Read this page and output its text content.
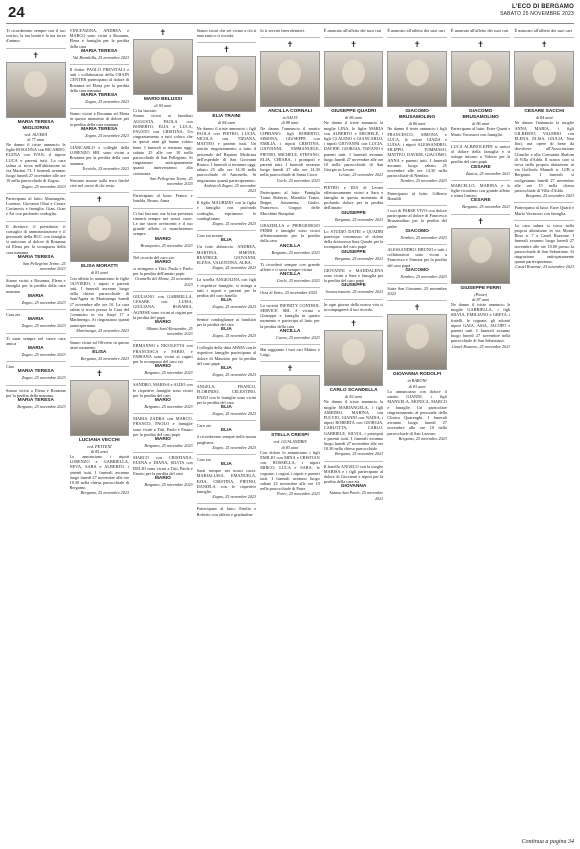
24	L'ECO DI BERGAMO
SABATO 25 NOVEMBRE 2023
Ti ricorderemo sempre con il tuo sorriso, la tua bontà e la tua forza d'animo.
✝
MARIA TERESA MIGLIORINI
ved. ALVERÀ
di 77 anni
Ne danno il triste annuncio le figlie ROSANNA con RICARDO, ELENA con IVAN, il nipote LUCA e parenti tutti. La cara salma si trova nell'abitazione in via Martini 73. I funerali avranno luogo lunedì 27 novembre alle ore 10 nella parrocchiale di Zogno.
Zogno, 25 novembre 2023
Partecipano al lutto: Mariangela, Lorenzo, Giovanni Olmi e Cesare Cortinovis e famiglia. Gian, Gian e Ari con profondo cordoglio.
Il direttore, il presidente, il consiglio di amministrazione e il personale della BCC con famiglia si uniscono al dolore di Rosanna ed Elena per la scomparsa della cara mamma
MARIA TERESA
San Pellegrino Terme, 25 novembre 2023
Siamo vicini a Rosanna, Elena e famiglia per la perdita della cara mamma
MARIA
Zogno, 25 novembre 2023
Cara zia
MARIA
Zogno, 25 novembre 2023
Ti sarai sempre nel cuore cara amica
MARIA
Zogno, 25 novembre 2023
Ciao
MARIA TERESA
Zogno, 25 novembre 2023
Siamo vicini a Elena e Rosanna per la perdita della mamma
MARIA TERESA
Bergamo, 25 novembre 2023
VINCENZINA, ANDREA e MARCO sono vicini a Rosanna, Elena e famiglia per la perdita della cara
MARIA TERESA
Val Brembilla, 25 novembre 2023
Il dottor PAOLO PREVITALI e tutti i collaboratori della CHAIN CENTER partecipano al dolore di Rosanna ed Elena per la perdita della cara mamma
MARIA TERESA
Zogno, 25 novembre 2023
Siamo vicini a Rosanna ed Elena in questo momento di dolore per la perdita della cara mamma
MARIA TERESA
Zogno, 25 novembre 2023
GIANCARLO e colleghi della LORENZO SRL sono vicini a Rosanna per la perdita della cara mamma
Treviolo, 25 novembre 2023
Nessuno muore sulla terra finché vive nel cuore di chi resta.
✝
ELISA MORATTI
di 81 anni
Con affetto lo annunciano le figlie OLIVIERO, i nipoti e parenti tutti. I funerali avranno luogo nella chiesa parrocchiale di Sant'Agata in Martinengo lunedì 27 novembre alle ore 10. La cara salma si trova presso la Casa del Commiato in via Sarpi 17 a Martinengo. Si ringraziano quanti parteciperanno.
Martinengo, 25 novembre 2023
Siamo vicini ad Oliviero in questo triste momento
ELISA
Bergamo, 25 novembre 2023
✝
LUCIANA VECCHI
ved. PETTENI
di 85 anni
Lo annunciano i nipoti LORENZO e GABRIELLA, NEVA, SARA e ALBERTO, i parenti tutti. I funerali avranno luogo lunedì 27 novembre alle ore 10.30 nella chiesa parrocchiale di Bergamo.
Bergamo, 25 novembre 2023
✝
MARIO BELUSSI
di 94 anni
Ci ha lasciato
Siamo vicini ai familiari AUGUSTA, PAOLA con ROBERTO, ELIA e LUCA, FAUSTO con CRISTINA. Un ringraziamento a tutti coloro che in questi anni gli hanno voluto bene. I funerali si terranno oggi, sabato 25 alle ore 10 nella parrocchiale di San Pellegrino. Si ringraziano anticipatamente quanti interverranno alla cerimonia.
San Pellegrino Terme, 25 novembre 2023
Partecipano al lutto: Franco e Imelda, Bruno, Anna
Ci hai lasciato, ma la tua presenza rimarrà sempre nei nostri cuori. Le tue storie avvincenti e il tuo grande affetto ci mancheranno sempre.
MARIO
Brusaporto, 25 novembre 2023
Nel ricordo del caro zio
MARIO
si stringono a Titti, Paola e Paolo per la perdita dell'amato papà.
Grumello del Monte, 25 novembre 2023
GIULIANO con GABRIELLA, CESARE con LUISA, GIULIANA, ROSARIA, AGNESE sono vicini ai cugini per la perdita del papà
MARIO
Albano Sant'Alessandro, 25 novembre 2023
ERMANNO e NICOLETTA con FRANCESCA e FABIO, e FABIANA sono vicini ai cugini per la scomparsa del caro zio
MARIO
Bergamo, 25 novembre 2023
SANDRO, MARISA e ALDO con le rispettive famiglie sono vicini per la perdita del caro
MARIO
Bergamo, 25 novembre 2023
MARIA ZADRA con MARCO, FRANCO, PAOLO e famiglie sono vicini a Titti, Paolo e Fausto per la perdita del caro papà
MARIO
Bergamo, 25 novembre 2023
MARCO con CRISTIANA, ELENA e DIANA, SILVIA con DELIO sono vicini a Titti, Paola e Fausto per la perdita del caro
MARIO
Bergamo, 25 novembre 2023
Siamo sicuri che sei vicino a chi ti ama tanto e ti ricorda.
✝
ELIA TRAINI
di 84 anni
Ne danno il triste annuncio i figli PAOLA con PIETRO, LUCIA, NICOLA con TIZIANA, MATTEO e parenti tutti. Un sentito ringraziamento a tutto il personale del Reparto Medicina dell'ospedale di San Giovanni Bianco. I funerali si terranno oggi, sabato 25 alle ore 14.30 nella parrocchiale di Antonello. Si ringraziano quanti parteciperanno.
Ambria di Zogno, 25 novembre 2023
Il figlio MAURIZIO con la figlia e famiglia con profondo cordoglio, esprimono le condoglianze.
Zogno, 25 novembre 2023
Ciao zio nonno
ELIA
Un forte abbraccio. ANDREA, MARTINA, SIMONE, BEATRICE, GIOVANNI, ELENA, VALENTINA, ALBA.
Zogno, 25 novembre 2023
La sorella ANGIOLINA con figli e rispettive famiglie, si stringe a tutti i nipoti e parenti per la perdita del caro fratello
ELIA
Zogno, 25 novembre 2023
Sentite condoglianze ai familiari per la perdita del caro
ELIA
Zogno, 25 novembre 2023
I colleghi della ditta ARMA con le rispettive famiglie partecipano al dolore di Maurizio per la perdita del caro papà
ELIA
Zogno, 25 novembre 2023
ANGELA, FRANCO, FLORINDO, CELESTINO, ENZO con le famiglie sono vicini per la perdita del caro
ELIA
Zogno, 25 novembre 2023
Caro zio
ELIA
ti ricorderemo sempre nella nostra preghiera.
Zogno, 25 novembre 2023
Ciao zio
ELIA
Sarai sempre nei nostri cuori. MARIALUISA, EMANUELA, EZIA, CRISTINA, PIETRO, DANIELA con le rispettive famiglie.
Zogno, 25 novembre 2023
Partecipano al lutto: Emilio e Roberto con affetto e gratitudine
Io ti servirò benvolentieri.
✝
ANCILLA CORNALI
in SALVI
di 88 anni
Ne danno l'annuncio il marito CIPRIANO, figli ROBERTO, SIMONA, GIUSEPPE con EMILIA, i nipoti CRISTINA, GIOVANNI, EMMANUELE, PIETRO, MICHELE, STEFANO, ELIA, CHIARA, i pronipoti e parenti tutti. I funerali avranno luogo lunedì 27 alle ore 14.30 nella parrocchiale di Santa Croce.
Gorle, 25 novembre 2023
Partecipano al lutto: Famiglia Traini Roberto, Maurilio Traini, Beppe, Antonietta, Giulio, Francesco, Gruppo delle Macchine Rotaplast
GRAZIELLA e PIERGIORGIO FERRI e famiglie sono vicini affettuosamente per la perdita della cara
ANCILLA
Bergamo, 25 novembre 2023
Ti ricorderò sempre con grande affetto e ti sarai sempre vicina
ANCILLA
Gorle, 25 novembre 2023
Orsa al Serio, 25 novembre 2023
La società INFINITY CONTROL SERVICE SRL è vicina a Giuseppe e famiglia in questo momento e partecipa al lutto per la perdita della cara
ANCILLA
Curno, 25 novembre 2023
Hai raggiunto i tuoi cari Matteo e Luigi.
✝
STELLA CRESPI
ved. GUALANDRIS
di 83 anni
Con dolore lo annunciano i figli EMILIO con MINA e CRISTIAN con ROSSELLA, i nipoti MIRCO, LUCA e SARA, le cognate, i cugini, i nipoti e parenti tutti. I funerali avranno luogo sabato 25 novembre alle ore 10 nella parrocchiale di Parre.
Parre, 25 novembre 2023
È mancato all'affetto dei suoi cari
✝
GIUSEPPE QUADRI
di 86 anni
Ne danno il triste annuncio la moglie LINA, le figlie MARIA con ALBERTO e MICHELE, i figli CLAUDIO e GIANCARLO, i nipoti GIOVANNI con LUCIA, DAVIDE, GIORGIA, TIZIANO e parenti tutti. I funerali avranno luogo lunedì 27 novembre alle ore 10 nella parrocchiale di San Giorgio in Levate.
Levate, 25 novembre 2023
PIETRO e IDA di Levate affettuosamente vicini a Sara e famiglia in questo momento di profondo dolore per la perdita dell'amato
GIUSEPPE
Bergamo, 25 novembre 2023
Lo STUDIO DATEI e QUADRI partecipa commosso al dolore della dottoressa Sara Quadri per la scomparsa del caro papà
GIUSEPPE
Bergamo, 25 novembre 2023
GIOVANNI e MADDALENA sono vicini a Sara e famiglia per la perdita del caro papà
GIUSEPPE
Seanocroutaro, 25 novembre 2023
In ogni giorno della nostra vita ci accompagnerà il tuo ricordo.
✝
CARLO SCANDELLA
di 82 anni
Ne danno il triste annuncio la moglie MARIANGELA, i figli AMEDEO, MARINA con FULVIO, GIANNI con NADIA, i nipoti ROBERTA con GIORGIA, CARLOTTA, CARLO, GABRIELE, SILVIA, i pronipoti e parenti tutti. I funerali avranno luogo lunedì 27 novembre alle ore 10.30 nella chiesa parrocchiale.
Bergamo, 25 novembre 2023
Il fratello ANGELO con la moglie MARISA e i figli partecipano al dolore di Giovanni e nipoti per la perdita della cara zia
GIOVANNA
Azzano San Paolo, 25 novembre 2023
È mancato all'affetto dei suoi cari
✝
GIACOMO BRUSAMOLINO
di 86 anni
Ne danno il triste annuncio i figli FRANCESCO, SIMONA e LUCA, le nuore GIADA e LUISA, i nipoti ALESSANDRO, FILIPPO, TOMMASO, MATTEO, DAVIDE, GIACOMO, ANNA e parenti tutti. I funerali avranno luogo sabato 25 novembre alle ore 14.30 nella parrocchiale di Nembro.
Nembro, 25 novembre 2023
Partecipano al lutto: Gilberto Bonaldi
I soci di PARSE VIVO con dolore partecipano al dolore di Francesco Brusamolino per la perdita del padre
GIACOMO
Nembro, 25 novembre 2023
ALESSANDRO, BRUNO e tutti i collaboratori sono vicini a Francesco e Simona per la perdita del caro papà
GIACOMO
Nembro, 25 novembre 2023
Sorte San Giovanni, 25 novembre 2023
✝
GIOVANNA RODOLFI
in BARONI
di 83 anni
Lo annunciano con dolore il marito GIANNI, i figli MANUELA, MONICA, MARCO e famiglie. Un particolare ringraziamento al personale della Clinica Quarenghi. I funerali avranno luogo lunedì 27 novembre alle ore 10 nella parrocchiale di San Lazzaro.
Bergamo, 25 novembre 2023
È mancato all'affetto dei suoi cari
✝
GIACOMO BRUSAMOLINO
di 86 anni
Partecipano al lutto: Ester Quarti e Mario Vavassori con famiglia.
LUCA ALBINOLEFFE si unisce al dolore della famiglia e si stringe intorno a Valerio per la perdita del caro papà
CESARE
Zanica, 25 novembre 2023
MARCELLO, MARINA e le figlie ricordano con grande affetto e stima l'amico
CESARE
Bergamo, 25 novembre 2023
✝
GIUSEPPE FERRI
(Pinuo)
di 87 anni
Ne danno il triste annuncio la moglie GABRIELLA, i figli SILVIA, EMILIANO e GRETA, i fratelli, le cognate, gli adorati nipoti GAIA, ASIA, JACOPO e parenti tutti. I funerali avranno luogo lunedì 27 novembre nella parrocchiale di San Sebastiano.
Castel Rozzone, 25 novembre 2023
È mancato all'affetto dei suoi cari
✝
CESARE SACCHI
di 84 anni
Ne danno l'annuncio la moglie ANNA MARIA, i figli GILBERTO, VALERIO con ELENA, ELISA, GIULIA. Non fiori, ma opere di bene da devolvere all'Associazione Cliniche e alla Comunità Shalom di Villa d'Adda. Il nostro caro si trova nella propria abitazione in via Goffredo Mameli n. 12/B a Bergamo. I funerali si svolgeranno lunedì 27 novembre alle ore 15 nella chiesa parrocchiale di Villa d'Adda.
Bergamo, 25 novembre 2023
Partecipano al lutto: Ester Quarti e Mario Vavassori con famiglia.
La cara salma si trova nella propria abitazione in via Monte Rosa n. 7 a Castel Rozzone. I funerali avranno luogo lunedì 27 novembre alle ore 10.00 presso la parrocchiale di San Sebastiano. Si ringraziano anticipatamente quanti parteciperanno.
Castel Rozzone, 25 novembre 2023
Continua a pagina 34
